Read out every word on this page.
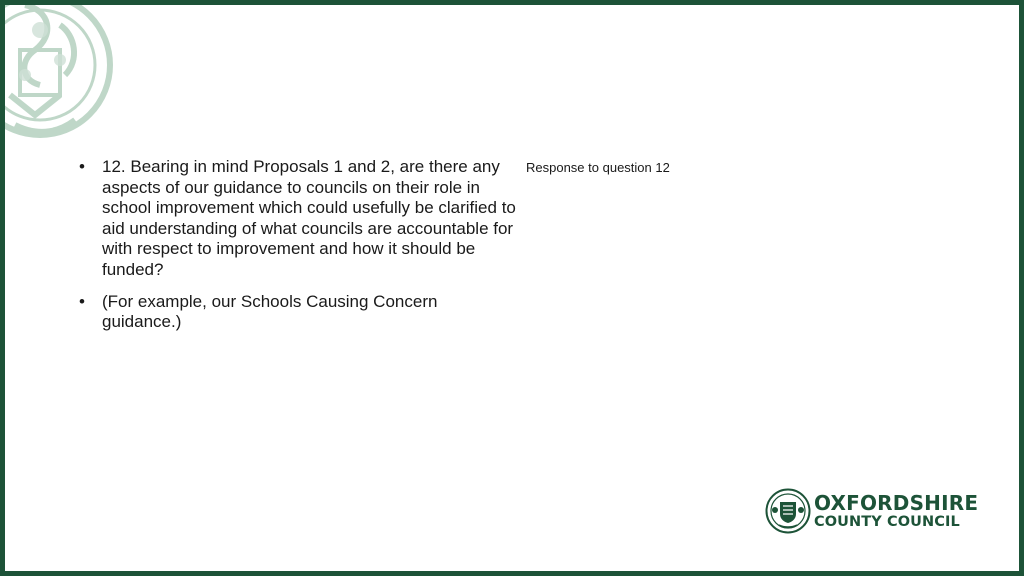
• 12. Bearing in mind Proposals 1 and 2, are there any aspects of our guidance to councils on their role in school improvement which could usefully be clarified to aid understanding of what councils are accountable for with respect to improvement and how it should be funded?
• (For example, our Schools Causing Concern guidance.)
Response to question 12
OXFORDSHIRE
COUNTY COUNCIL
